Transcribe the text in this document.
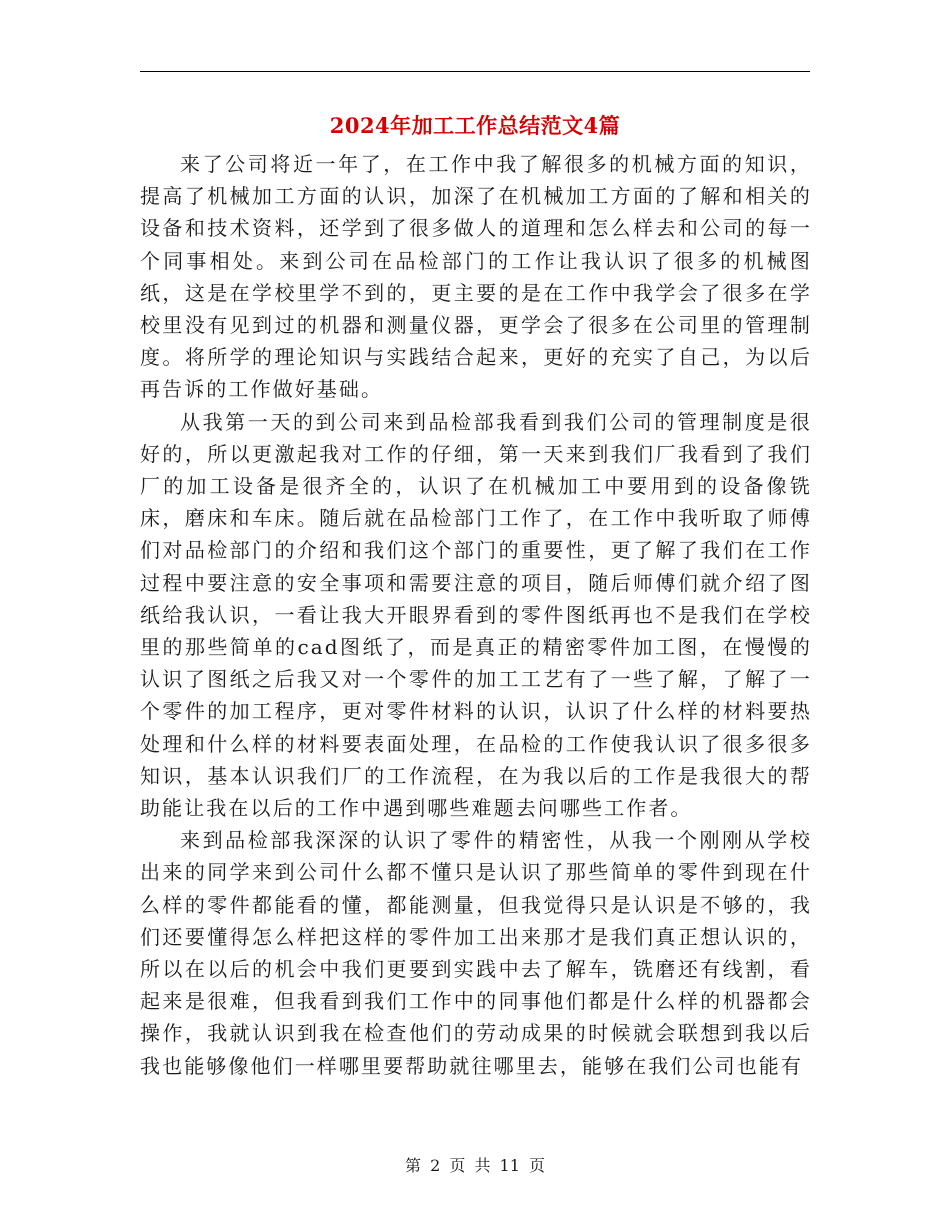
2024年加工工作总结范文4篇

来了公司将近一年了，在工作中我了解很多的机械方面的知识，提高了机械加工方面的认识，加深了在机械加工方面的了解和相关的设备和技术资料，还学到了很多做人的道理和怎么样去和公司的每一个同事相处。来到公司在品检部门的工作让我认识了很多的机械图纸，这是在学校里学不到的，更主要的是在工作中我学会了很多在学校里没有见到过的机器和测量仪器，更学会了很多在公司里的管理制度。将所学的理论知识与实践结合起来，更好的充实了自己，为以后再告诉的工作做好基础。

从我第一天的到公司来到品检部我看到我们公司的管理制度是很好的，所以更激起我对工作的仔细，第一天来到我们厂我看到了我们厂的加工设备是很齐全的，认识了在机械加工中要用到的设备像铣床，磨床和车床。随后就在品检部门工作了，在工作中我听取了师傅们对品检部门的介绍和我们这个部门的重要性，更了解了我们在工作过程中要注意的安全事项和需要注意的项目，随后师傅们就介绍了图纸给我认识，一看让我大开眼界看到的零件图纸再也不是我们在学校里的那些简单的cad图纸了，而是真正的精密零件加工图，在慢慢的认识了图纸之后我又对一个零件的加工工艺有了一些了解，了解了一个零件的加工程序，更对零件材料的认识，认识了什么样的材料要热处理和什么样的材料要表面处理，在品检的工作使我认识了很多很多知识，基本认识我们厂的工作流程，在为我以后的工作是我很大的帮助能让我在以后的工作中遇到哪些难题去问哪些工作者。

来到品检部我深深的认识了零件的精密性，从我一个刚刚从学校出来的同学来到公司什么都不懂只是认识了那些简单的零件到现在什么样的零件都能看的懂，都能测量，但我觉得只是认识是不够的，我们还要懂得怎么样把这样的零件加工出来那才是我们真正想认识的，所以在以后的机会中我们更要到实践中去了解车，铣磨还有线割，看起来是很难，但我看到我们工作中的同事他们都是什么样的机器都会操作，我就认识到我在检查他们的劳动成果的时候就会联想到我以后我也能够像他们一样哪里要帮助就往哪里去，能够在我们公司也能有

第 2 页 共 11 页
